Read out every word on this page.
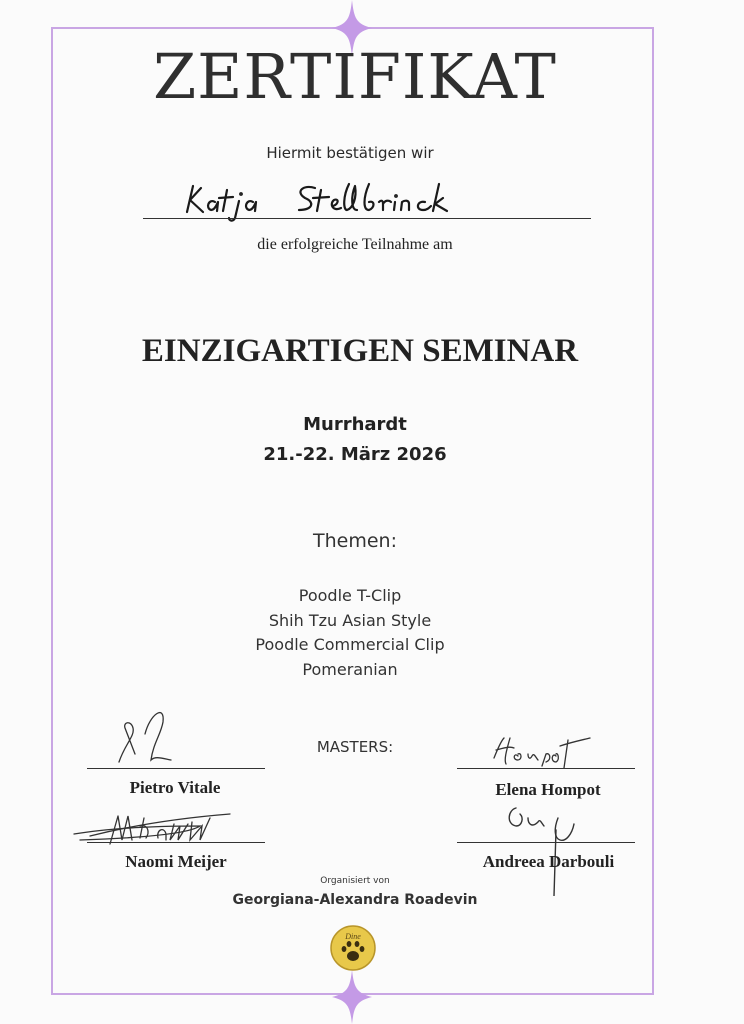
ZERTIFIKAT
Hiermit bestätigen wir
die erfolgreiche Teilnahme am
EINZIGARTIGEN SEMINAR
Murrhardt
21.-22. März 2026
Themen:
Poodle T-Clip
Shih Tzu Asian Style
Poodle Commercial Clip
Pomeranian
MASTERS:
Pietro Vitale	Elena Hompot
Naomi Meijer	Andreea Darbouli
Organisiert von
Georgiana-Alexandra Roadevin
Dine
